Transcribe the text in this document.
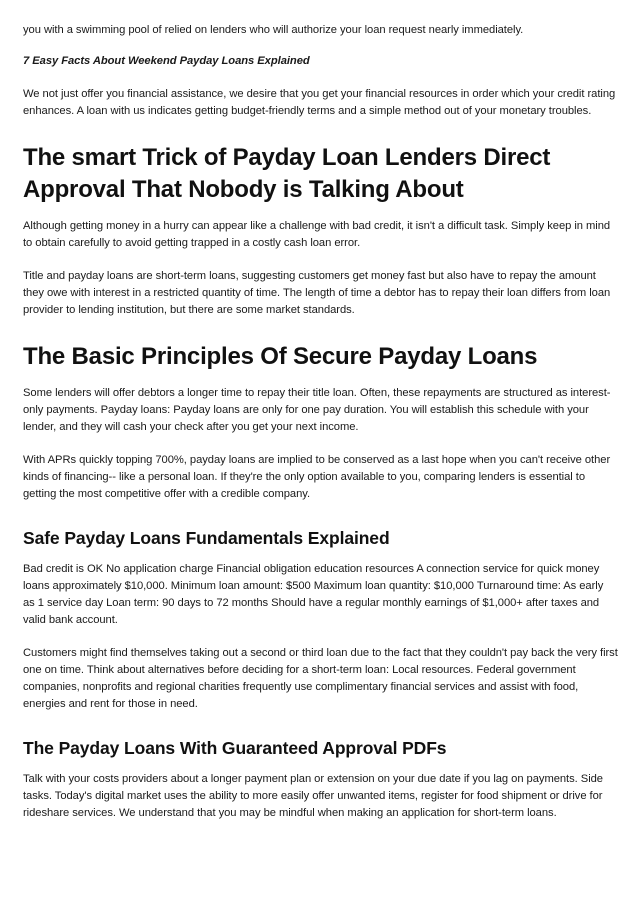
you with a swimming pool of relied on lenders who will authorize your loan request nearly immediately.

7 Easy Facts About Weekend Payday Loans Explained

We not just offer you financial assistance, we desire that you get your financial resources in order which your credit rating enhances. A loan with us indicates getting budget-friendly terms and a simple method out of your monetary troubles.

The smart Trick of Payday Loan Lenders Direct Approval That Nobody is Talking About

Although getting money in a hurry can appear like a challenge with bad credit, it isn't a difficult task. Simply keep in mind to obtain carefully to avoid getting trapped in a costly cash loan error.

Title and payday loans are short-term loans, suggesting customers get money fast but also have to repay the amount they owe with interest in a restricted quantity of time. The length of time a debtor has to repay their loan differs from loan provider to lending institution, but there are some market standards.

The Basic Principles Of Secure Payday Loans

Some lenders will offer debtors a longer time to repay their title loan. Often, these repayments are structured as interest-only payments. Payday loans: Payday loans are only for one pay duration. You will establish this schedule with your lender, and they will cash your check after you get your next income.

With APRs quickly topping 700%, payday loans are implied to be conserved as a last hope when you can't receive other kinds of financing-- like a personal loan. If they're the only option available to you, comparing lenders is essential to getting the most competitive offer with a credible company.

Safe Payday Loans Fundamentals Explained

Bad credit is OK No application charge Financial obligation education resources A connection service for quick money loans approximately $10,000. Minimum loan amount: $500 Maximum loan quantity: $10,000 Turnaround time: As early as 1 service day Loan term: 90 days to 72 months Should have a regular monthly earnings of $1,000+ after taxes and valid bank account.

Customers might find themselves taking out a second or third loan due to the fact that they couldn't pay back the very first one on time. Think about alternatives before deciding for a short-term loan: Local resources. Federal government companies, nonprofits and regional charities frequently use complimentary financial services and assist with food, energies and rent for those in need.

The Payday Loans With Guaranteed Approval PDFs

Talk with your costs providers about a longer payment plan or extension on your due date if you lag on payments. Side tasks. Today's digital market uses the ability to more easily offer unwanted items, register for food shipment or drive for rideshare services. We understand that you may be mindful when making an application for short-term loans.
